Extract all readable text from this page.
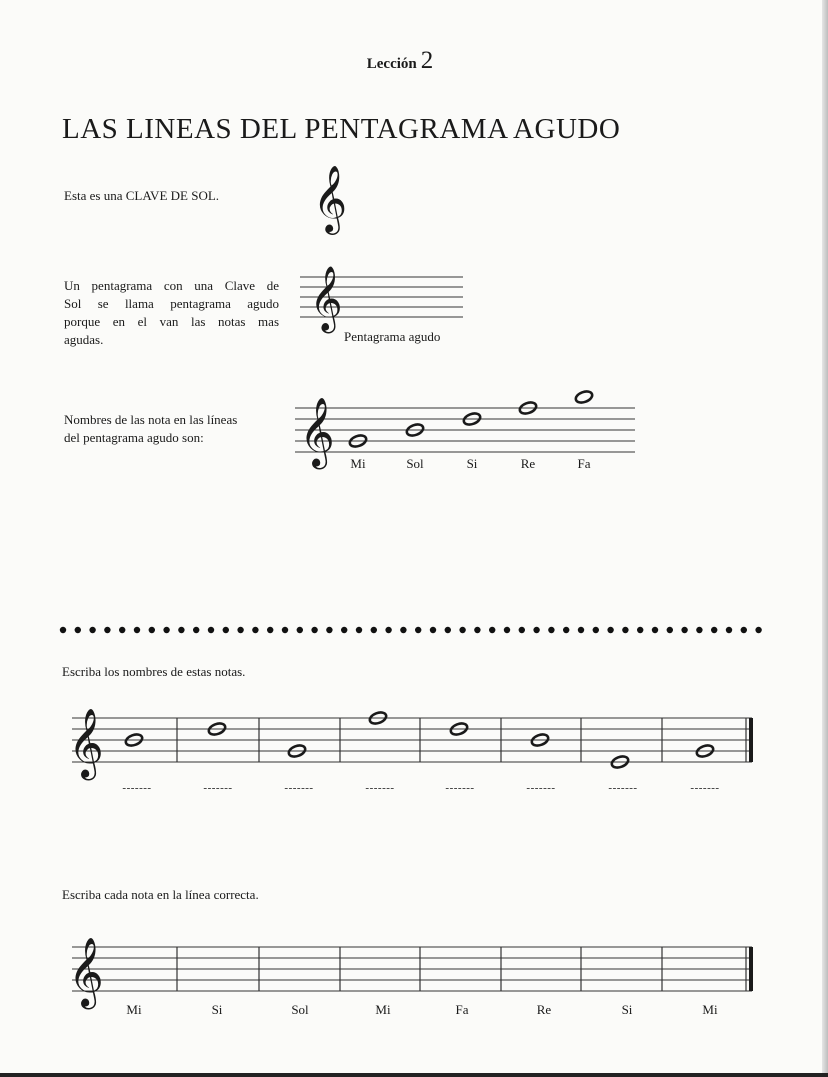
Lección 2
LAS LINEAS DEL PENTAGRAMA AGUDO
Esta es una CLAVE DE SOL. 𝄞
Un pentagrama con una Clave de
Sol se llama pentagrama agudo
porque en el van las notas mas
agudas.
𝄞
Pentagrama agudo
Nombres de las nota en las líneas
del pentagrama agudo son:	𝄞 Mi	Sol	Si	Re	Fa
Escriba los nombres de estas notas.
𝄞
-------	-------	-------	-------	-------	-------	-------	-------
Escriba cada nota en la línea correcta.
𝄞
Mi	Si	Sol	Mi	Fa	Re	Si	Mi
